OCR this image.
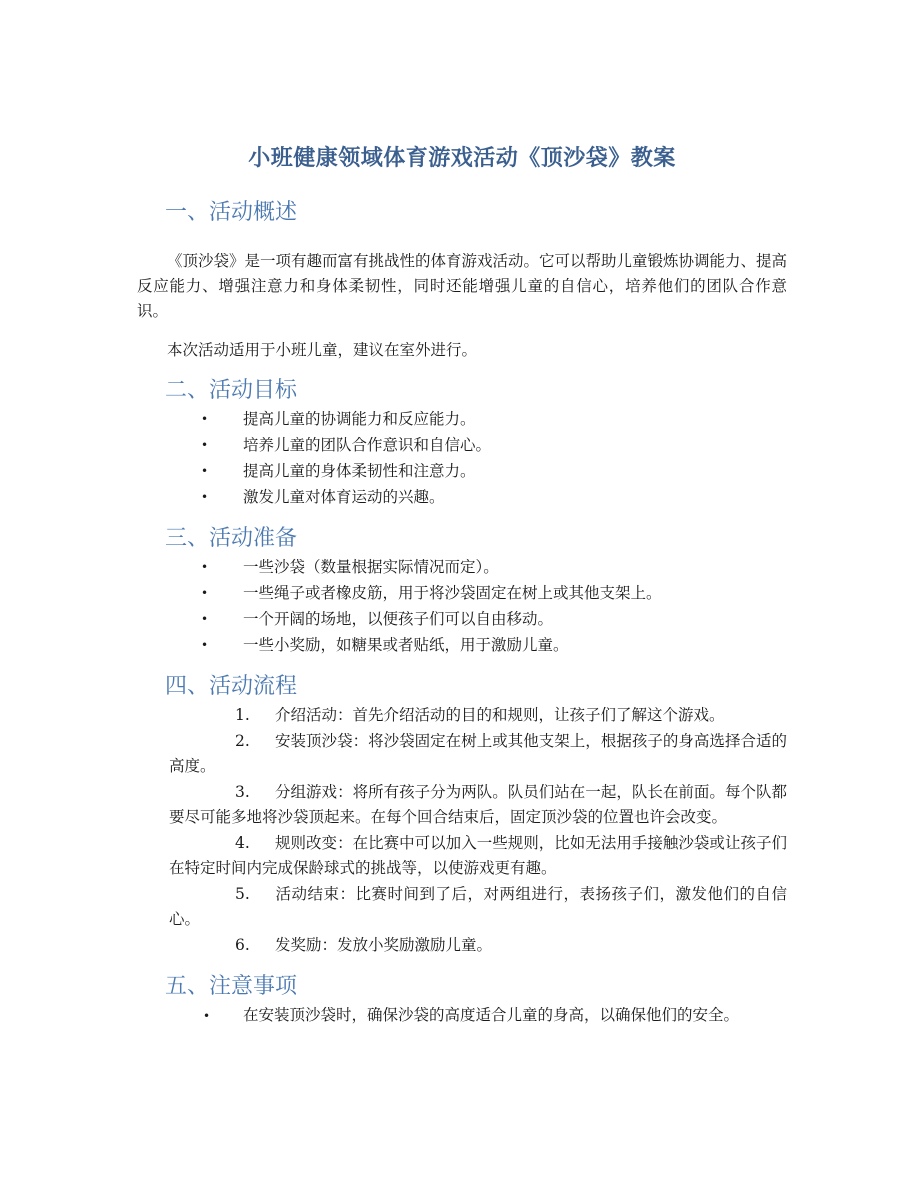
小班健康领域体育游戏活动《顶沙袋》教案
一、活动概述

《顶沙袋》是一项有趣而富有挑战性的体育游戏活动。它可以帮助儿童锻炼协调能力、提高反应能力、增强注意力和身体柔韧性，同时还能增强儿童的自信心，培养他们的团队合作意识。

本次活动适用于小班儿童，建议在室外进行。

二、活动目标
• 提高儿童的协调能力和反应能力。
• 培养儿童的团队合作意识和自信心。
• 提高儿童的身体柔韧性和注意力。
• 激发儿童对体育运动的兴趣。
三、活动准备
• 一些沙袋（数量根据实际情况而定）。
• 一些绳子或者橡皮筋，用于将沙袋固定在树上或其他支架上。
• 一个开阔的场地，以便孩子们可以自由移动。
• 一些小奖励，如糖果或者贴纸，用于激励儿童。
四、活动流程
1. 介绍活动：首先介绍活动的目的和规则，让孩子们了解这个游戏。
2. 安装顶沙袋：将沙袋固定在树上或其他支架上，根据孩子的身高选择合适的高度。
3. 分组游戏：将所有孩子分为两队。队员们站在一起，队长在前面。每个队都要尽可能多地将沙袋顶起来。在每个回合结束后，固定顶沙袋的位置也许会改变。
4. 规则改变：在比赛中可以加入一些规则，比如无法用手接触沙袋或让孩子们在特定时间内完成保龄球式的挑战等，以使游戏更有趣。
5. 活动结束：比赛时间到了后，对两组进行，表扬孩子们，激发他们的自信心。
6. 发奖励：发放小奖励激励儿童。
五、注意事项
• 在安装顶沙袋时，确保沙袋的高度适合儿童的身高，以确保他们的安全。
